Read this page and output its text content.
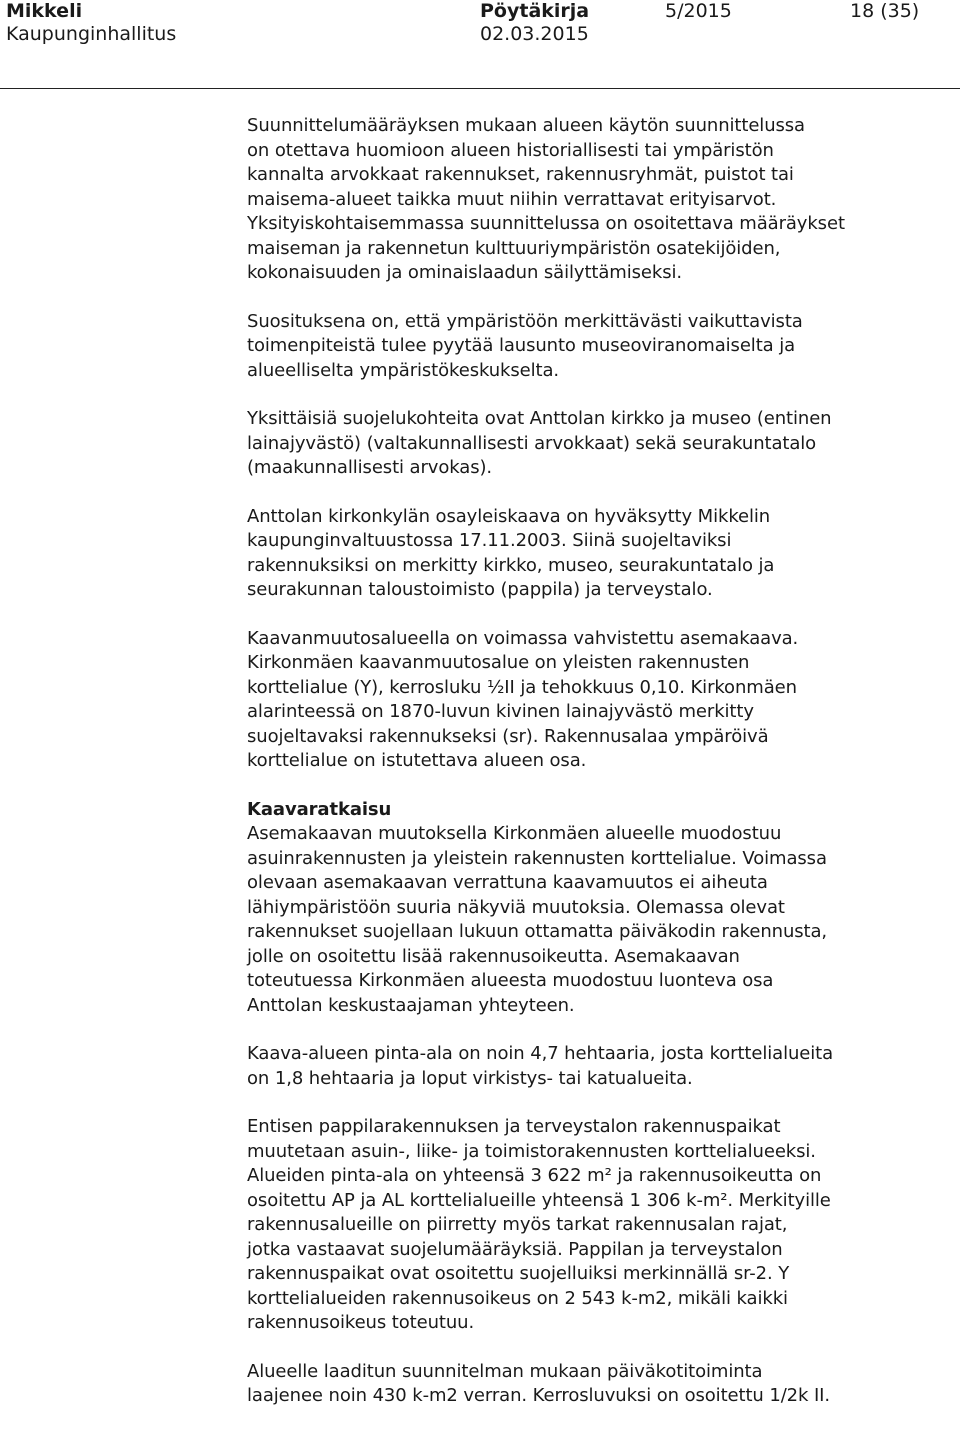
Mikkeli
Kaupunginhallitus
Pöytäkirja
02.03.2015
5/2015	18 (35)
Suunnittelumääräyksen mukaan alueen käytön suunnittelussa
on otettava huomioon alueen historiallisesti tai ympäristön
kannalta arvokkaat rakennukset, rakennusryhmät, puistot tai
maisema-alueet taikka muut niihin verrattavat erityisarvot.
Yksityiskohtaisemmassa suunnittelussa on osoitettava määräykset
maiseman ja rakennetun kulttuuriympäristön osatekijöiden,
kokonaisuuden ja ominaislaadun säilyttämiseksi.
Suosituksena on, että ympäristöön merkittävästi vaikuttavista
toimenpiteistä tulee pyytää lausunto museoviranomaiselta ja
alueelliselta ympäristökeskukselta.
Yksittäisiä suojelukohteita ovat Anttolan kirkko ja museo (entinen
lainajyvästö) (valtakunnallisesti arvokkaat) sekä seurakuntatalo
(maakunnallisesti arvokas).
Anttolan kirkonkylän osayleiskaava on hyväksytty Mikkelin
kaupunginvaltuustossa 17.11.2003. Siinä suojeltaviksi
rakennuksiksi on merkitty kirkko, museo, seurakuntatalo ja
seurakunnan taloustoimisto (pappila) ja terveystalo.
Kaavanmuutosalueella on voimassa vahvistettu asemakaava.
Kirkonmäen kaavanmuutosalue on yleisten rakennusten
korttelialue (Y), kerrosluku ½II ja tehokkuus 0,10. Kirkonmäen
alarinteessä on 1870-luvun kivinen lainajyvästö merkitty
suojeltavaksi rakennukseksi (sr). Rakennusalaa ympäröivä
korttelialue on istutettava alueen osa.
Kaavaratkaisu
Asemakaavan muutoksella Kirkonmäen alueelle muodostuu
asuinrakennusten ja yleistein rakennusten korttelialue. Voimassa
olevaan asemakaavan verrattuna kaavamuutos ei aiheuta
lähiympäristöön suuria näkyviä muutoksia. Olemassa olevat
rakennukset suojellaan lukuun ottamatta päiväkodin rakennusta,
jolle on osoitettu lisää rakennusoikeutta. Asemakaavan
toteutuessa Kirkonmäen alueesta muodostuu luonteva osa
Anttolan keskustaajaman yhteyteen.
Kaava-alueen pinta-ala on noin 4,7 hehtaaria, josta korttelialueita
on 1,8 hehtaaria ja loput virkistys- tai katualueita.
Entisen pappilarakennuksen ja terveystalon rakennuspaikat
muutetaan asuin-, liike- ja toimistorakennusten korttelialueeksi.
Alueiden pinta-ala on yhteensä 3 622 m² ja rakennusoikeutta on
osoitettu AP ja AL korttelialueille yhteensä 1 306 k-m². Merkityille
rakennusalueille on piirretty myös tarkat rakennusalan rajat,
jotka vastaavat suojelumääräyksiä. Pappilan ja terveystalon
rakennuspaikat ovat osoitettu suojelluiksi merkinnällä sr-2. Y
korttelialueiden rakennusoikeus on 2 543 k-m2, mikäli kaikki
rakennusoikeus toteutuu.
Alueelle laaditun suunnitelman mukaan päiväkotitoiminta
laajenee noin 430 k-m2 verran. Kerrosluvuksi on osoitettu 1/2k II.
